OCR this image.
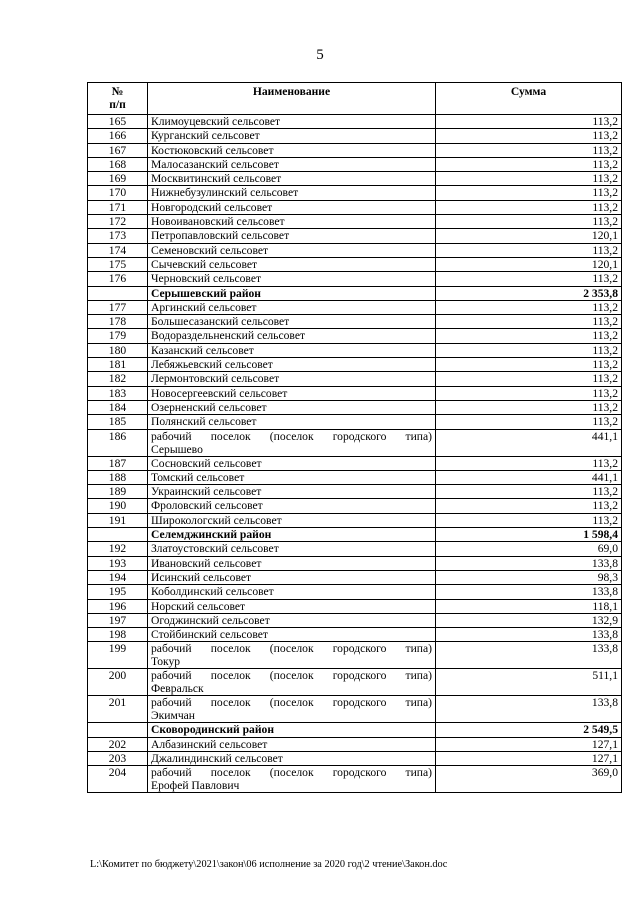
5
№
п/п	Наименование	Сумма
165	Климоуцевский сельсовет	113,2
166	Курганский сельсовет	113,2
167	Костюковский сельсовет	113,2
168	Малосазанский сельсовет	113,2
169	Москвитинский сельсовет	113,2
170	Нижнебузулинский сельсовет	113,2
171	Новгородский сельсовет	113,2
172	Новоивановский сельсовет	113,2
173	Петропавловский сельсовет	120,1
174	Семеновский сельсовет	113,2
175	Сычевский сельсовет	120,1
176	Черновский сельсовет	113,2
	Серышевский район	2 353,8
177	Аргинский сельсовет	113,2
178	Большесазанский сельсовет	113,2
179	Водораздельненский сельсовет	113,2
180	Казанский сельсовет	113,2
181	Лебяжьевский сельсовет	113,2
182	Лермонтовский сельсовет	113,2
183	Новосергеевский сельсовет	113,2
184	Озерненский сельсовет	113,2
185	Полянский сельсовет	113,2
186	рабочий поселок (поселок городского типа)
Серышево	441,1
187	Сосновский сельсовет	113,2
188	Томский сельсовет	441,1
189	Украинский сельсовет	113,2
190	Фроловский сельсовет	113,2
191	Широкологский сельсовет	113,2
	Селемджинский район	1 598,4
192	Златоустовский сельсовет	69,0
193	Ивановский сельсовет	133,8
194	Исинский сельсовет	98,3
195	Коболдинский сельсовет	133,8
196	Норский сельсовет	118,1
197	Огоджинский сельсовет	132,9
198	Стойбинский сельсовет	133,8
199	рабочий поселок (поселок городского типа)
Токур	133,8
200	рабочий поселок (поселок городского типа)
Февральск	511,1
201	рабочий поселок (поселок городского типа)
Экимчан	133,8
	Сковородинский район	2 549,5
202	Албазинский сельсовет	127,1
203	Джалиндинский сельсовет	127,1
204	рабочий поселок (поселок городского типа)
Ерофей Павлович	369,0
L:\Комитет по бюджету\2021\закон\06 исполнение за 2020 год\2 чтение\Закон.doc
